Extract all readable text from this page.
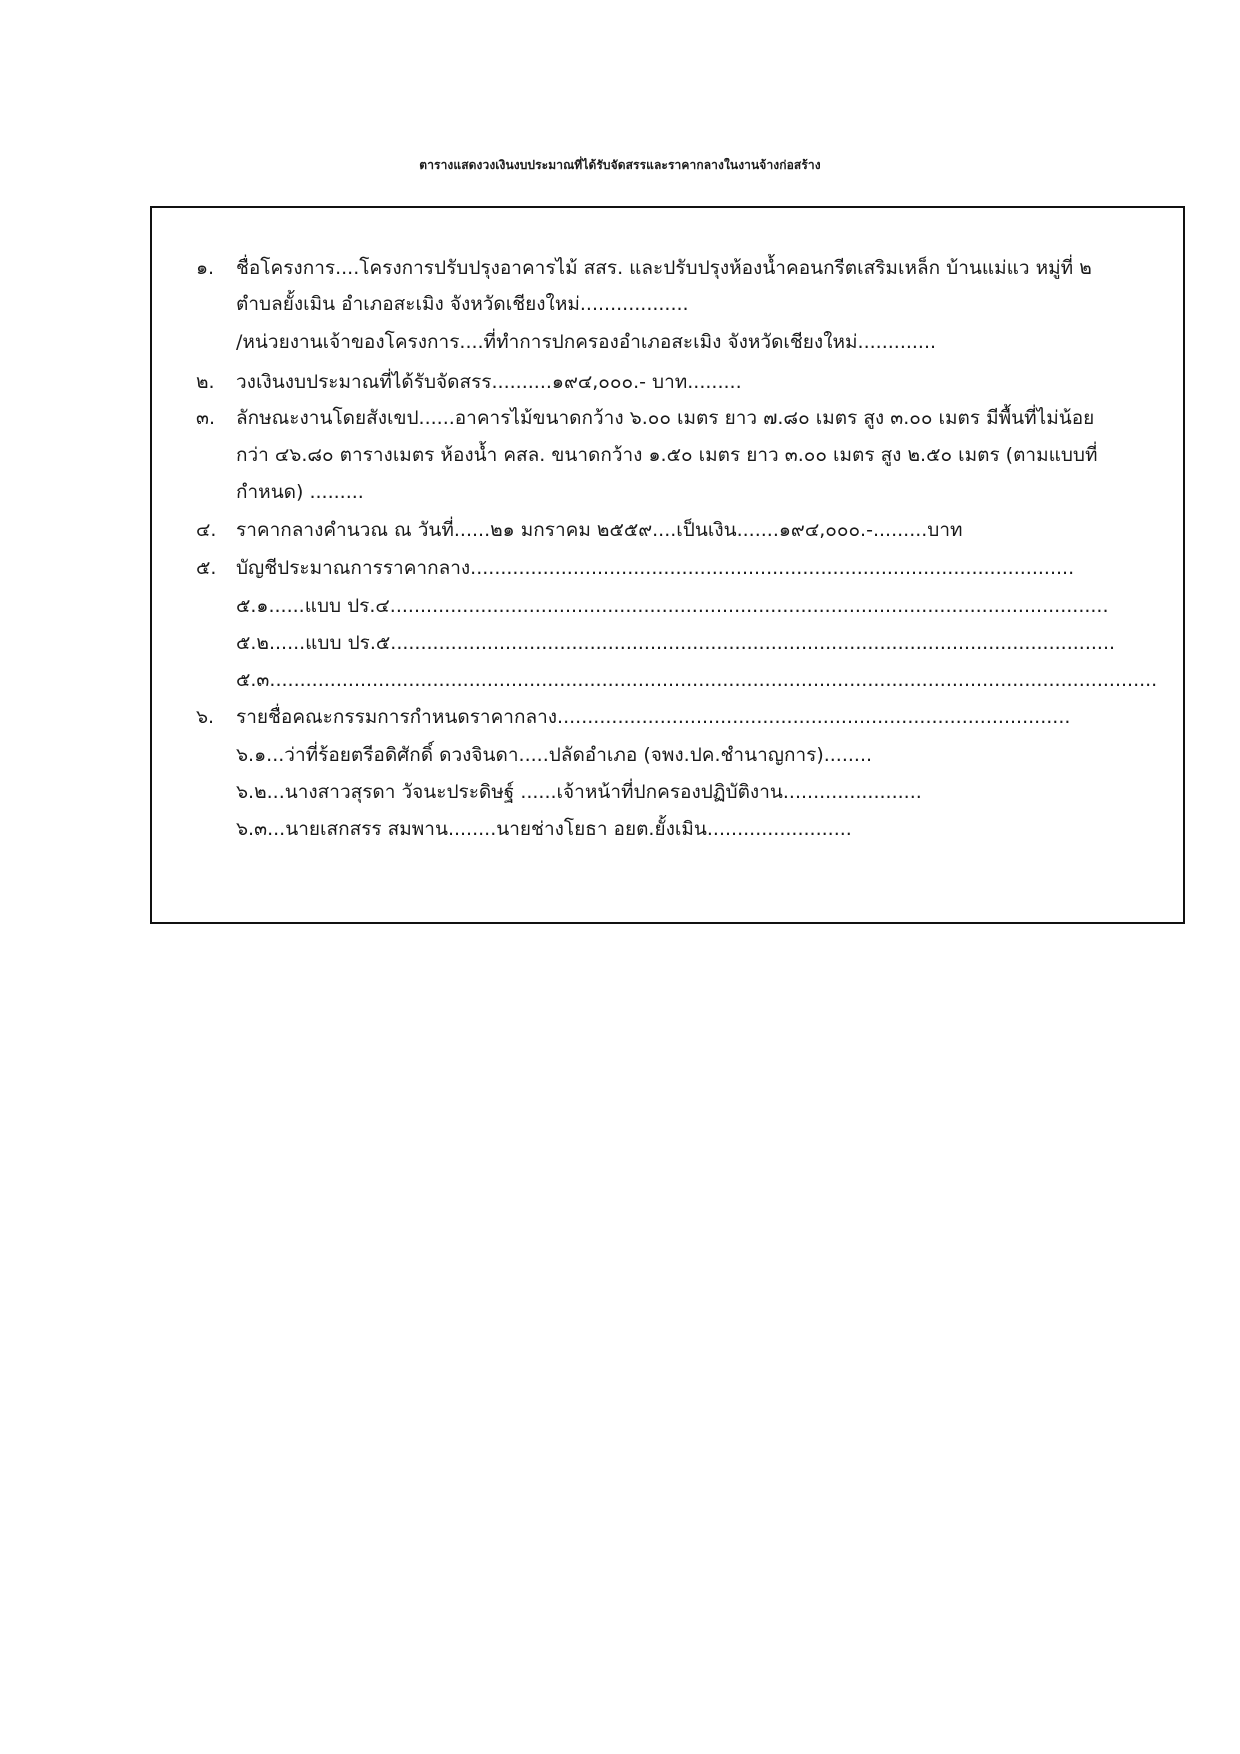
ตารางแสดงวงเงินงบประมาณที่ได้รับจัดสรรและราคากลางในงานจ้างก่อสร้าง
๑. ชื่อโครงการ....โครงการปรับปรุงอาคารไม้ สสร. และปรับปรุงห้องน้ำคอนกรีตเสริมเหล็ก บ้านแม่แว หมู่ที่ ๒
ตำบลยั้งเมิน อำเภอสะเมิง จังหวัดเชียงใหม่..................
/หน่วยงานเจ้าของโครงการ....ที่ทำการปกครองอำเภอสะเมิง จังหวัดเชียงใหม่.............
๒. วงเงินงบประมาณที่ได้รับจัดสรร..........๑๙๔,๐๐๐.- บาท.........
๓. ลักษณะงานโดยสังเขป......อาคารไม้ขนาดกว้าง ๖.๐๐ เมตร ยาว ๗.๘๐ เมตร สูง ๓.๐๐ เมตร มีพื้นที่ไม่น้อย
กว่า ๔๖.๘๐ ตารางเมตร ห้องน้ำ คสล. ขนาดกว้าง ๑.๕๐ เมตร ยาว ๓.๐๐ เมตร สูง ๒.๕๐ เมตร (ตามแบบที่
กำหนด) .........
๔. ราคากลางคำนวณ ณ วันที่......๒๑ มกราคม ๒๕๕๙....เป็นเงิน.......๑๙๔,๐๐๐.-.........บาท
๕. บัญชีประมาณการราคากลาง....................................................................................................
๕.๑......แบบ ปร.๔.......................................................................................................................
๕.๒......แบบ ปร.๕........................................................................................................................
๕.๓...................................................................................................................................................
๖. รายชื่อคณะกรรมการกำหนดราคากลาง.....................................................................................
๖.๑...ว่าที่ร้อยตรีอดิศักดิ์ ดวงจินดา.....ปลัดอำเภอ (จพง.ปค.ชำนาญการ)........
๖.๒...นางสาวสุรดา วัจนะประดิษฐ์ ......เจ้าหน้าที่ปกครองปฏิบัติงาน.......................
๖.๓...นายเสกสรร สมพาน........นายช่างโยธา อยต.ยั้งเมิน........................
